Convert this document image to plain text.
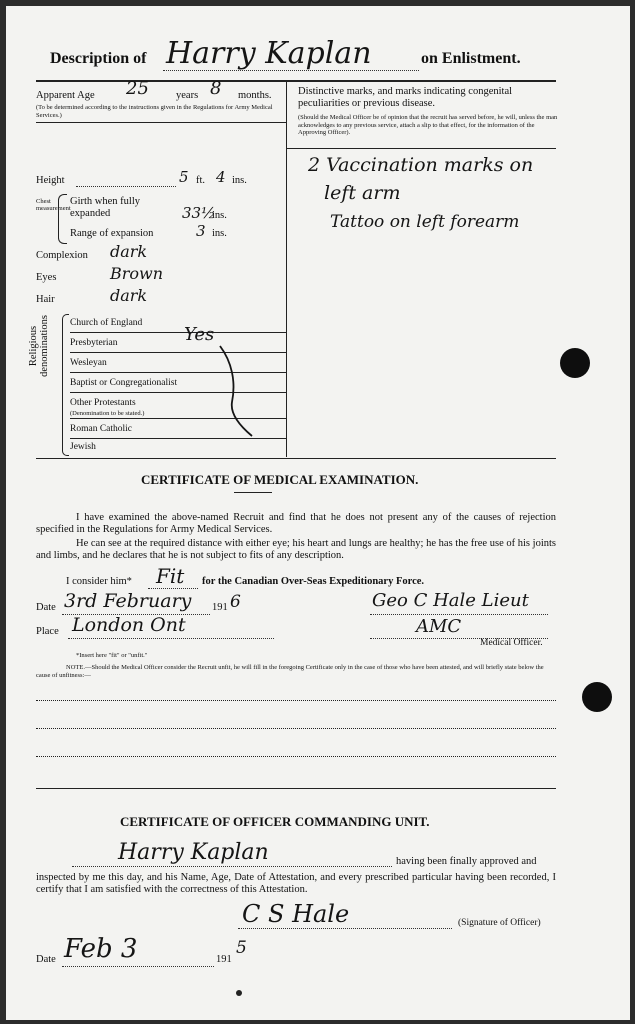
Description of Harry Kaplan	on Enlistment.
Apparent Age 25	years 8 months.
(To be determined according to the instructions given in the Regulations for Army Medical Services.)
Height	5 ft. 4 ins.
Chest measurement
Girth when fully expanded	33½
ins.
Range of expansion	3 ins.
Complexion dark
Eyes	Brown
Hair	dark
Religious denominations Church of England
Presbyterian	Yes
Wesleyan
Baptist or Congregationalist
Other Protestants
(Denomination to be stated.)
Roman Catholic
Jewish
Distinctive marks, and marks indicating congenital peculiarities or previous disease.
(Should the Medical Officer be of opinion that the recruit has served before, he will, unless the man acknowledges to any previous service, attach a slip to that effect, for the information of the Approving Officer).
2 Vaccination marks on
left arm
Tattoo on left forearm
CERTIFICATE OF MEDICAL EXAMINATION.
I have examined the above-named Recruit and find that he does not present any of the causes of rejection specified in the Regulations for Army Medical Services.
He can see at the required distance with either eye; his heart and lungs are healthy; he has the free use of his joints and limbs, and he declares that he is not subject to fits of any description.
I consider him* Fit for the Canadian Over-Seas Expeditionary Force.
Date 3rd February 191 6	Geo C Hale Lieut
Place London Ont	AMC
Medical Officer.
*Insert here "fit" or "unfit."
NOTE.—Should the Medical Officer consider the Recruit unfit, he will fill in the foregoing Certificate only in the case of those who have been attested, and will briefly state below the cause of unfitness:—
CERTIFICATE OF OFFICER COMMANDING UNIT.
Harry Kaplan	having been finally approved and
inspected by me this day, and his Name, Age, Date of Attestation, and every prescribed particular having been recorded, I certify that I am satisfied with the correctness of this Attestation.
C S Hale	(Signature of Officer)
Date Feb 3	191
5
